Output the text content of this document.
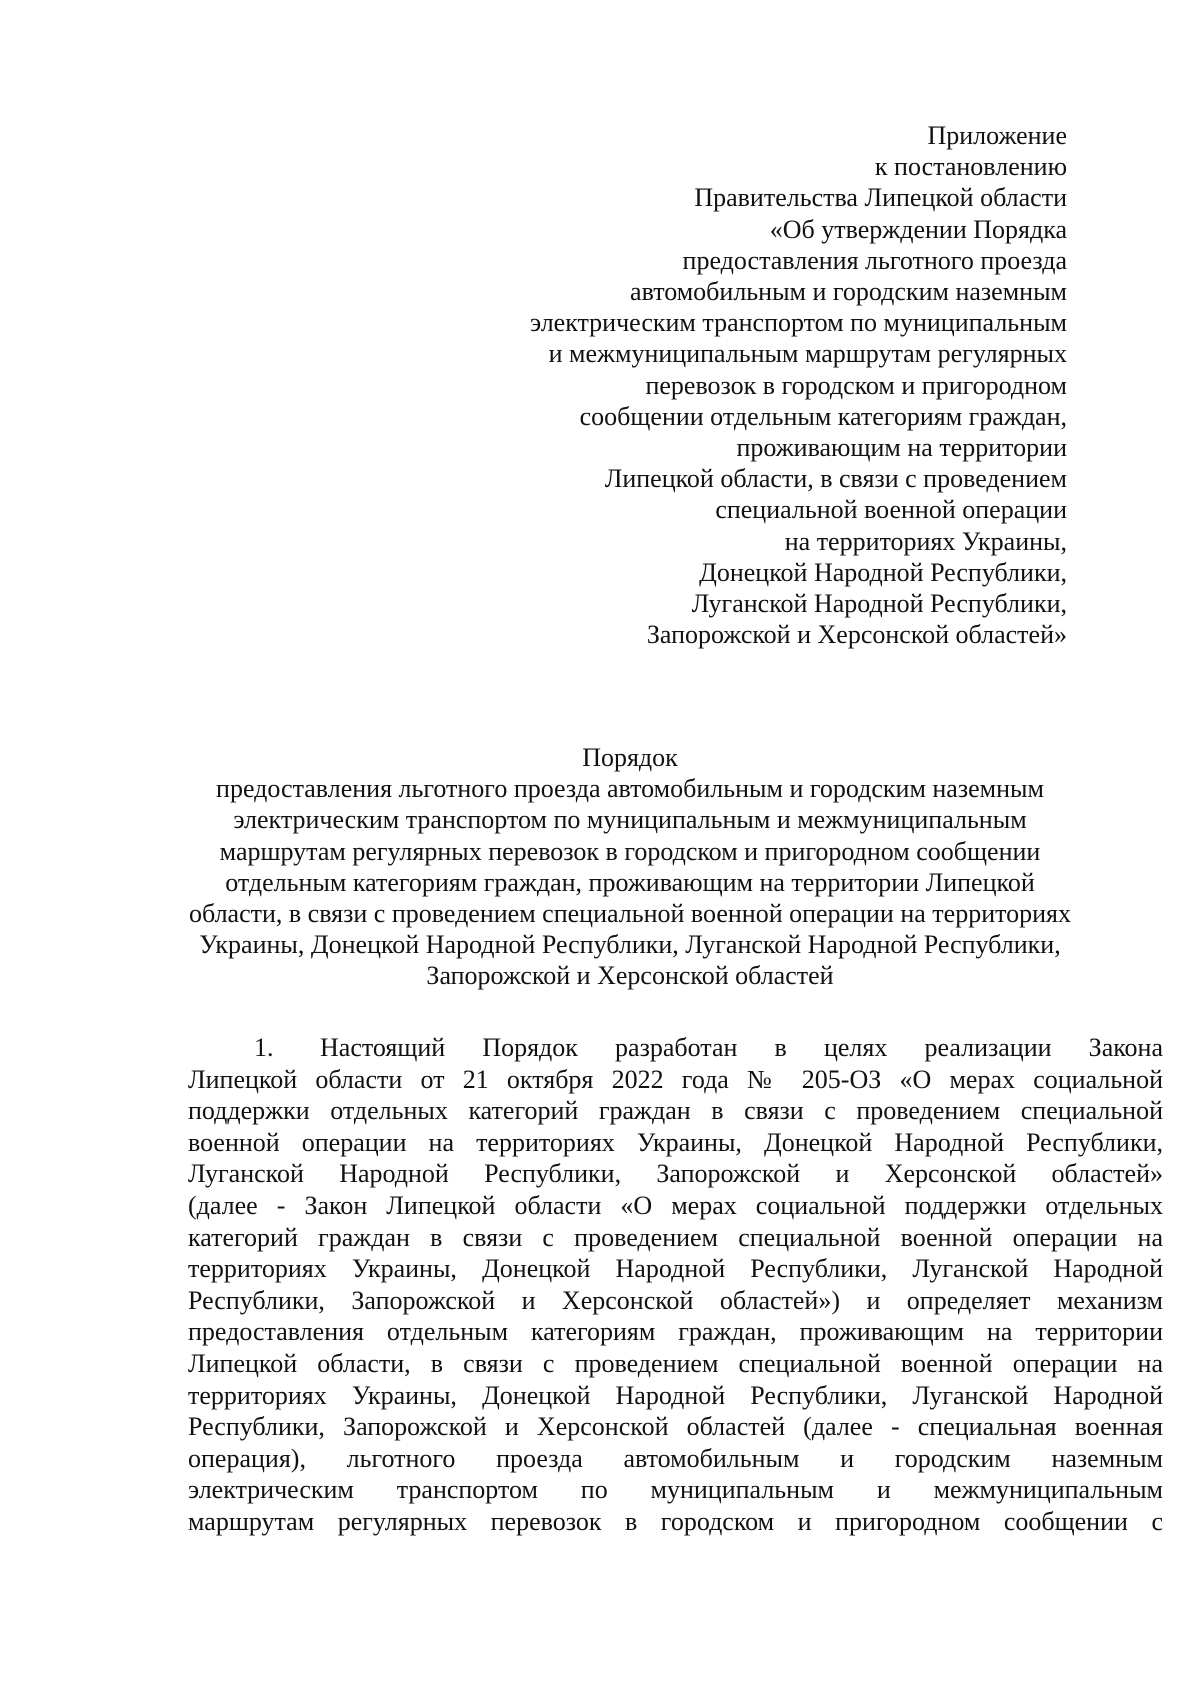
Приложение
к постановлению
Правительства Липецкой области
«Об утверждении Порядка
предоставления льготного проезда
автомобильным и городским наземным
электрическим транспортом по муниципальным
и межмуниципальным маршрутам регулярных
перевозок в городском и пригородном
сообщении отдельным категориям граждан,
проживающим на территории
Липецкой области, в связи с проведением
специальной военной операции
на территориях Украины,
Донецкой Народной Республики,
Луганской Народной Республики,
Запорожской и Херсонской областей»
Порядок
предоставления льготного проезда автомобильным и городским наземным
электрическим транспортом по муниципальным и межмуниципальным
маршрутам регулярных перевозок в городском и пригородном сообщении
отдельным категориям граждан, проживающим на территории Липецкой
области, в связи с проведением специальной военной операции на территориях
Украины, Донецкой Народной Республики, Луганской Народной Республики,
Запорожской и Херсонской областей
1. Настоящий Порядок разработан в целях реализации Закона
Липецкой области от 21 октября 2022 года № 205-ОЗ «О мерах социальной
поддержки отдельных категорий граждан в связи с проведением специальной
военной операции на территориях Украины, Донецкой Народной Республики,
Луганской Народной Республики, Запорожской и Херсонской областей»
(далее - Закон Липецкой области «О мерах социальной поддержки отдельных
категорий граждан в связи с проведением специальной военной операции на
территориях Украины, Донецкой Народной Республики, Луганской Народной
Республики, Запорожской и Херсонской областей») и определяет механизм
предоставления отдельным категориям граждан, проживающим на территории
Липецкой области, в связи с проведением специальной военной операции на
территориях Украины, Донецкой Народной Республики, Луганской Народной
Республики, Запорожской и Херсонской областей (далее - специальная военная
операция), льготного проезда автомобильным и городским наземным
электрическим транспортом по муниципальным и межмуниципальным
маршрутам регулярных перевозок в городском и пригородном сообщении с
